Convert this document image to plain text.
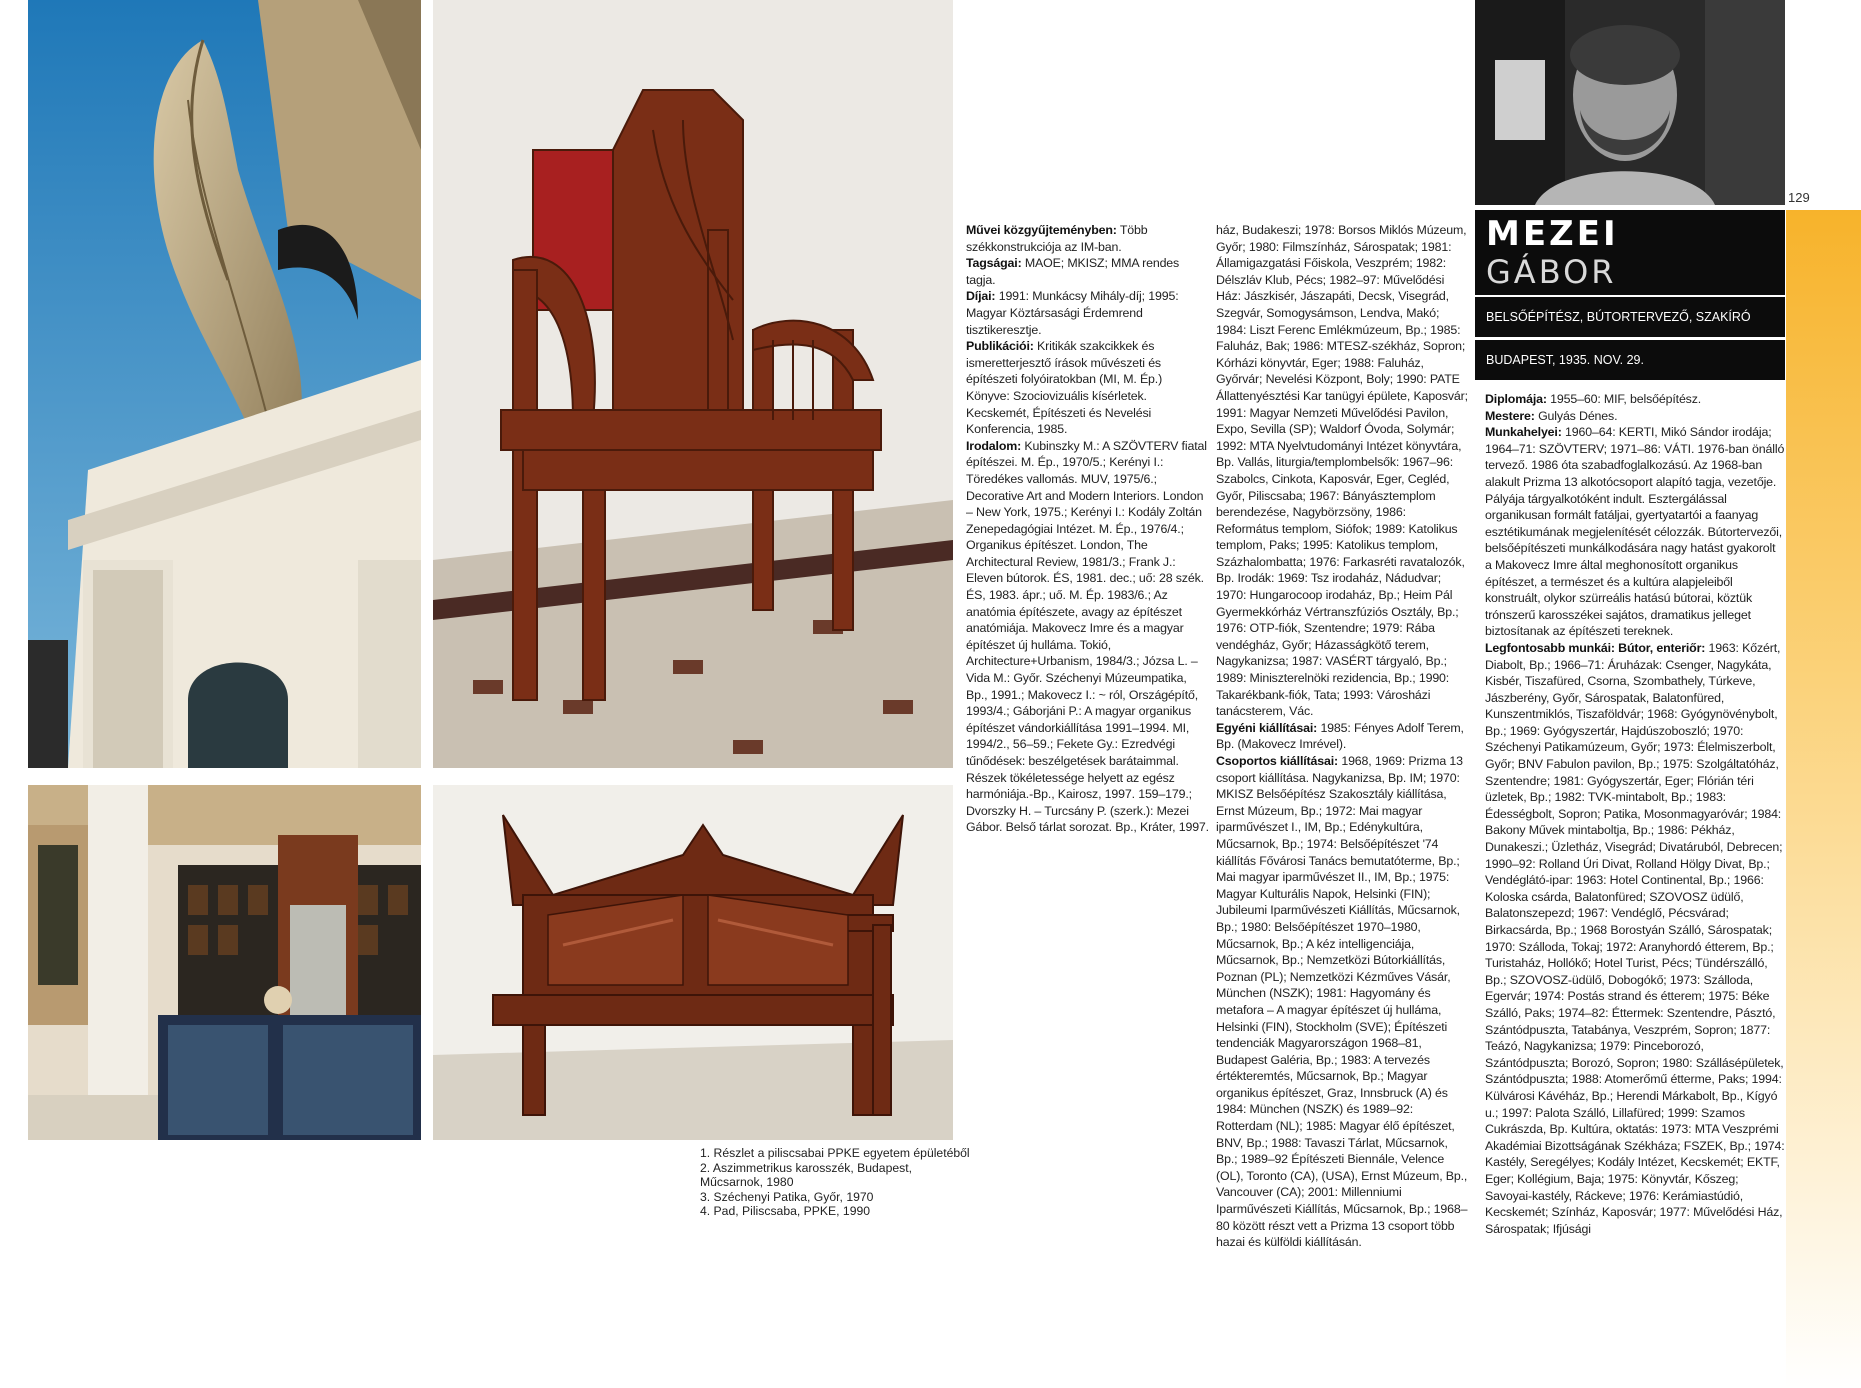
1. Részlet a piliscsabai PPKE egyetem épületéből
2. Aszimmetrikus karosszék, Budapest,
Műcsarnok, 1980
3. Széchenyi Patika, Győr, 1970
4. Pad, Piliscsaba, PPKE, 1990

Művei közgyűjteményben: Több székkonstrukciója az IM-ban.

Tagságai: MAOE; MKISZ; MMA rendes tagja.

Díjai: 1991: Munkácsy Mihály-díj; 1995: Magyar Köztársasági Érdemrend tisztikeresztje.

Publikációi: Kritikák szakcikkek és ismeretterjesztő írások művészeti és építészeti folyóiratokban (MI, M. Ép.) Könyve: Szociovizuális kísérletek. Kecskemét, Építészeti és Nevelési Konferencia, 1985.

Irodalom: Kubinszky M.: A SZÖVTERV fiatal építészei. M. Ép., 1970/5.; Kerényi I.: Töredékes vallomás. MUV, 1975/6.; Decorative Art and Modern Interiors. London – New York, 1975.; Kerényi I.: Kodály Zoltán Zenepedagógiai Intézet. M. Ép., 1976/4.; Organikus építészet. London, The Architectural Review, 1981/3.; Frank J.: Eleven bútorok. ÉS, 1981. dec.; uő: 28 szék. ÉS, 1983. ápr.; uő. M. Ép. 1983/6.; Az anatómia építészete, avagy az építészet anatómiája. Makovecz Imre és a magyar építészet új hulláma. Tokió, Architecture+Urbanism, 1984/3.; Józsa L. – Vida M.: Győr. Széchenyi Múzeumpatika, Bp., 1991.; Makovecz I.: ~ ról, Országépítő, 1993/4.; Gáborjáni P.: A magyar organikus építészet vándorkiállítása 1991–1994. MI, 1994/2., 56–59.; Fekete Gy.: Ezredvégi tűnődések: beszélgetések barátaimmal. Részek tökéletessége helyett az egész harmóniája.-Bp., Kairosz, 1997. 159–179.; Dvorszky H. – Turcsány P. (szerk.): Mezei Gábor. Belső tárlat sorozat. Bp., Kráter, 1997.

ház, Budakeszi; 1978: Borsos Miklós Múzeum, Győr; 1980: Filmszínház, Sárospatak; 1981: Államigazgatási Főiskola, Veszprém; 1982: Délszláv Klub, Pécs; 1982–97: Művelődési Ház: Jászkisér, Jászapáti, Decsk, Visegrád, Szegvár, Somogysámson, Lendva, Makó; 1984: Liszt Ferenc Emlékmúzeum, Bp.; 1985: Faluház, Bak; 1986: MTESZ-székház, Sopron; Kórházi könyvtár, Eger; 1988: Faluház, Győrvár; Nevelési Központ, Boly; 1990: PATE Állattenyésztési Kar tanügyi épülete, Kaposvár; 1991: Magyar Nemzeti Művelődési Pavilon, Expo, Sevilla (SP); Waldorf Óvoda, Solymár; 1992: MTA Nyelvtudományi Intézet könyvtára, Bp. Vallás, liturgia/templombelsők: 1967–96: Szabolcs, Cinkota, Kaposvár, Eger, Cegléd, Győr, Piliscsaba; 1967: Bányásztemplom berendezése, Nagybörzsöny, 1986: Református templom, Siófok; 1989: Katolikus templom, Paks; 1995: Katolikus templom, Százhalombatta; 1976: Farkasréti ravatalozók, Bp. Irodák: 1969: Tsz irodaház, Nádudvar; 1970: Hungarocoop irodaház, Bp.; Heim Pál Gyermekkórház Vértranszfúziós Osztály, Bp.; 1976: OTP-fiók, Szentendre; 1979: Rába vendégház, Győr; Házasságkötő terem, Nagykanizsa; 1987: VASÉRT tárgyaló, Bp.; 1989: Miniszterelnöki rezidencia, Bp.; 1990: Takarékbank-fiók, Tata; 1993: Városházi tanácsterem, Vác.

Egyéni kiállításai: 1985: Fényes Adolf Terem, Bp. (Makovecz Imrével).

Csoportos kiállításai: 1968, 1969: Prizma 13 csoport kiállítása. Nagykanizsa, Bp. IM; 1970: MKISZ Belsőépítész Szakosztály kiállítása, Ernst Múzeum, Bp.; 1972: Mai magyar iparművészet I., IM, Bp.; Edénykultúra, Műcsarnok, Bp.; 1974: Belsőépítészet '74 kiállítás Fővárosi Tanács bemutatóterme, Bp.; Mai magyar iparművészet II., IM, Bp.; 1975: Magyar Kulturális Napok, Helsinki (FIN); Jubileumi Iparművészeti Kiállítás, Műcsarnok, Bp.; 1980: Belsőépítészet 1970–1980, Műcsarnok, Bp.; A kéz intelligenciája, Műcsarnok, Bp.; Nemzetközi Bútorkiállítás, Poznan (PL); Nemzetközi Kézműves Vásár, München (NSZK); 1981: Hagyomány és metafora – A magyar építészet új hulláma, Helsinki (FIN), Stockholm (SVE); Építészeti tendenciák Magyarországon 1968–81, Budapest Galéria, Bp.; 1983: A tervezés értékteremtés, Műcsarnok, Bp.; Magyar organikus építészet, Graz, Innsbruck (A) és 1984: München (NSZK) és 1989–92: Rotterdam (NL); 1985: Magyar élő építészet, BNV, Bp.; 1988: Tavaszi Tárlat, Műcsarnok, Bp.; 1989–92 Építészeti Biennále, Velence (OL), Toronto (CA), (USA), Ernst Múzeum, Bp., Vancouver (CA); 2001: Millenniumi Iparművészeti Kiállítás, Műcsarnok, Bp.; 1968–80 között részt vett a Prizma 13 csoport több hazai és külföldi kiállításán.

129
MEZEI
GÁBOR
BELSŐÉPÍTÉSZ, BÚTORTERVEZŐ, SZAKÍRÓ
BUDAPEST, 1935. NOV. 29.

Diplomája: 1955–60: MIF, belsőépítész.

Mestere: Gulyás Dénes.

Munkahelyei: 1960–64: KERTI, Mikó Sándor irodája; 1964–71: SZÖVTERV; 1971–86: VÁTI. 1976-ban önálló tervező. 1986 óta szabadfoglalkozású. Az 1968-ban alakult Prizma 13 alkotócsoport alapító tagja, vezetője.

Pályája tárgyalkotóként indult. Esztergálással organikusan formált fatáljai, gyertyatartói a faanyag esztétikumának megjelenítését célozzák. Bútortervezői, belsőépítészeti munkálkodására nagy hatást gyakorolt a Makovecz Imre által meghonosított organikus építészet, a természet és a kultúra alapjeleiből konstruált, olykor szürreális hatású bútorai, köztük trónszerű karosszékei sajátos, dramatikus jelleget biztosítanak az építészeti tereknek.

Legfontosabb munkái: Bútor, enteriőr: 1963: Kőzért, Diabolt, Bp.; 1966–71: Áruházak: Csenger, Nagykáta, Kisbér, Tiszafüred, Csorna, Szombathely, Túrkeve, Jászberény, Győr, Sárospatak, Balatonfüred, Kunszentmiklós, Tiszaföldvár; 1968: Gyógynövénybolt, Bp.; 1969: Gyógyszertár, Hajdúszoboszló; 1970: Széchenyi Patikamúzeum, Győr; 1973: Élelmiszerbolt, Győr; BNV Fabulon pavilon, Bp.; 1975: Szolgáltatóház, Szentendre; 1981: Gyógyszertár, Eger; Flórián téri üzletek, Bp.; 1982: TVK-mintabolt, Bp.; 1983: Édességbolt, Sopron; Patika, Mosonmagyaróvár; 1984: Bakony Művek mintaboltja, Bp.; 1986: Pékház, Dunakeszi.; Üzletház, Visegrád; Divatáruból, Debrecen; 1990–92: Rolland Úri Divat, Rolland Hölgy Divat, Bp.; Vendéglátó-ipar: 1963: Hotel Continental, Bp.; 1966: Koloska csárda, Balatonfüred; SZOVOSZ üdülő, Balatonszepezd; 1967: Vendéglő, Pécsvárad; Birkacsárda, Bp.; 1968 Borostyán Szálló, Sárospatak; 1970: Szálloda, Tokaj; 1972: Aranyhordó étterem, Bp.; Turistaház, Hollókő; Hotel Turist, Pécs; Tündérszálló, Bp.; SZOVOSZ-üdülő, Dobogókő; 1973: Szálloda, Egervár; 1974: Postás strand és étterem; 1975: Béke Szálló, Paks; 1974–82: Éttermek: Szentendre, Pásztó, Szántódpuszta, Tatabánya, Veszprém, Sopron; 1877: Teázó, Nagykanizsa; 1979: Pinceborozó, Szántódpuszta; Borozó, Sopron; 1980: Szállásépületek, Szántódpuszta; 1988: Atomerőmű étterme, Paks; 1994: Külvárosi Kávéház, Bp.; Herendi Márkabolt, Bp., Kígyó u.; 1997: Palota Szálló, Lillafüred; 1999: Szamos Cukrászda, Bp. Kultúra, oktatás: 1973: MTA Veszprémi Akadémiai Bizottságának Székháza; FSZEK, Bp.; 1974: Kastély, Seregélyes; Kodály Intézet, Kecskemét; EKTF, Eger; Kollégium, Baja; 1975: Könyvtár, Kőszeg; Savoyai-kastély, Ráckeve; 1976: Kerámiastúdió, Kecskemét; Színház, Kaposvár; 1977: Művelődési Ház, Sárospatak; Ifjúsági
